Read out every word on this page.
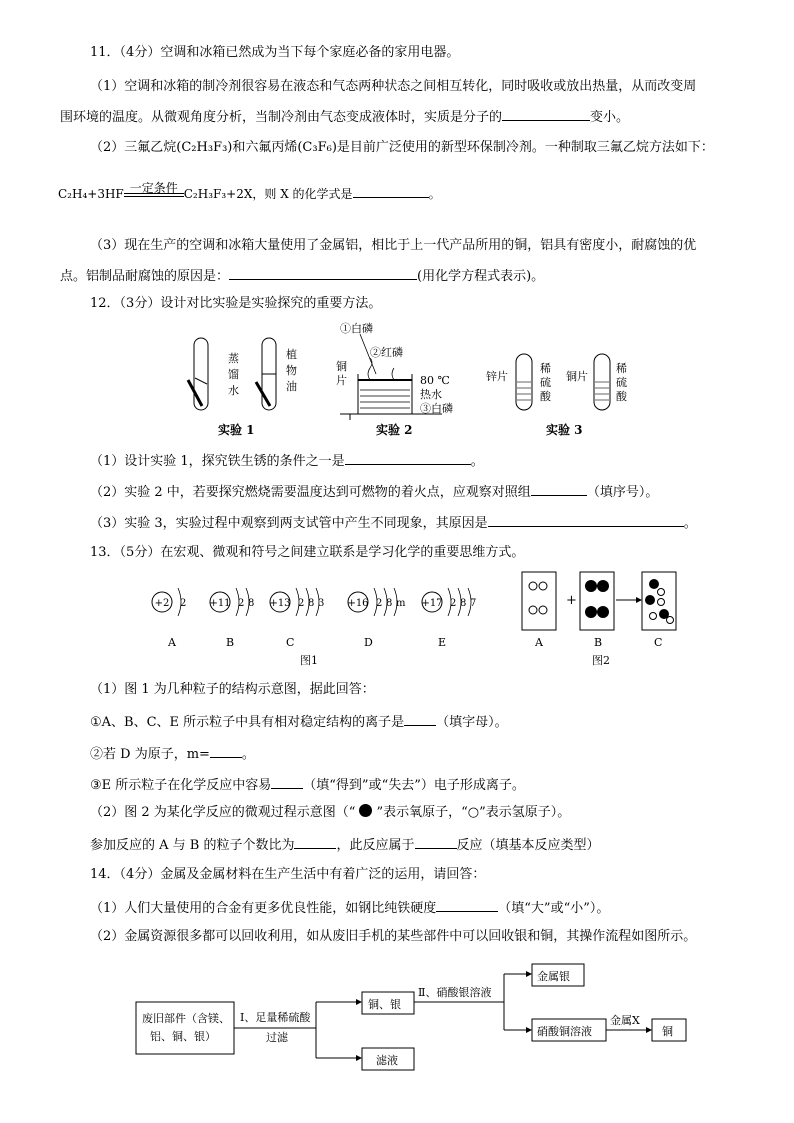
11．（4分）空调和冰箱已然成为当下每个家庭必备的家用电器。
（1）空调和冰箱的制冷剂很容易在液态和气态两种状态之间相互转化，同时吸收或放出热量，从而改变周
围环境的温度。从微观角度分析，当制冷剂由气态变成液体时，实质是分子的	变小。
（2）三氟乙烷(C₂H₃F₃)和六氟丙烯(C₃F₆)是目前广泛使用的新型环保制冷剂。一种制取三氟乙烷方法如下：
C₂H₄+3HF 一定条件 C₂H₃F₃+2X，则 X 的化学式是	。
（3）现在生产的空调和冰箱大量使用了金属铝，相比于上一代产品所用的铜，铝具有密度小，耐腐蚀的优
点。铝制品耐腐蚀的原因是：	(用化学方程式表示)。
12．（3分）设计对比实验是实验探究的重要方法。
蒸
馏
水
植
物
油
实验 1
①白磷
②红磷
铜
片	80 ℃
热水
③白磷
实验 2
锌片
稀
硫
酸
铜片
稀
硫
酸
实验 3
（1）设计实验 1，探究铁生锈的条件之一是	。
（2）实验 2 中，若要探究燃烧需要温度达到可燃物的着火点，应观察对照组	（填序号）。
（3）实验 3，实验过程中观察到两支试管中产生不同现象，其原因是	。
13．（5分）在宏观、微观和符号之间建立联系是学习化学的重要思维方式。
+2 2
A
+11 2 8
B
+13 2 8 3
C
+16 2 8 m
D
+17 2 8 7
E
图1
+
A	B	C
图2
（1）图 1 为几种粒子的结构示意图，据此回答：
①A、B、C、E 所示粒子中具有相对稳定结构的离子是 （填字母）。
②若 D 为原子，m= 。
③E 所示粒子在化学反应中容易 （填“得到”或“失去”）电子形成离子。
（2）图 2 为某化学反应的微观过程示意图（“ ”表示氧原子，“○”表示氢原子）。
参加反应的 A 与 B 的粒子个数比为	，此反应属于	反应（填基本反应类型）
14．（4分）金属及金属材料在生产生活中有着广泛的运用，请回答：
（1）人们大量使用的合金有更多优良性能，如钢比纯铁硬度	（填“大”或“小”）。
（2）金属资源很多都可以回收利用，如从废旧手机的某些部件中可以回收银和铜，其操作流程如图所示。
废旧部件（含镁、
铝、铜、银）
Ⅰ、足量稀硫酸
过滤
铜、银
滤液
Ⅱ、硝酸银溶液
金属银
硝酸铜溶液
金属X
铜
